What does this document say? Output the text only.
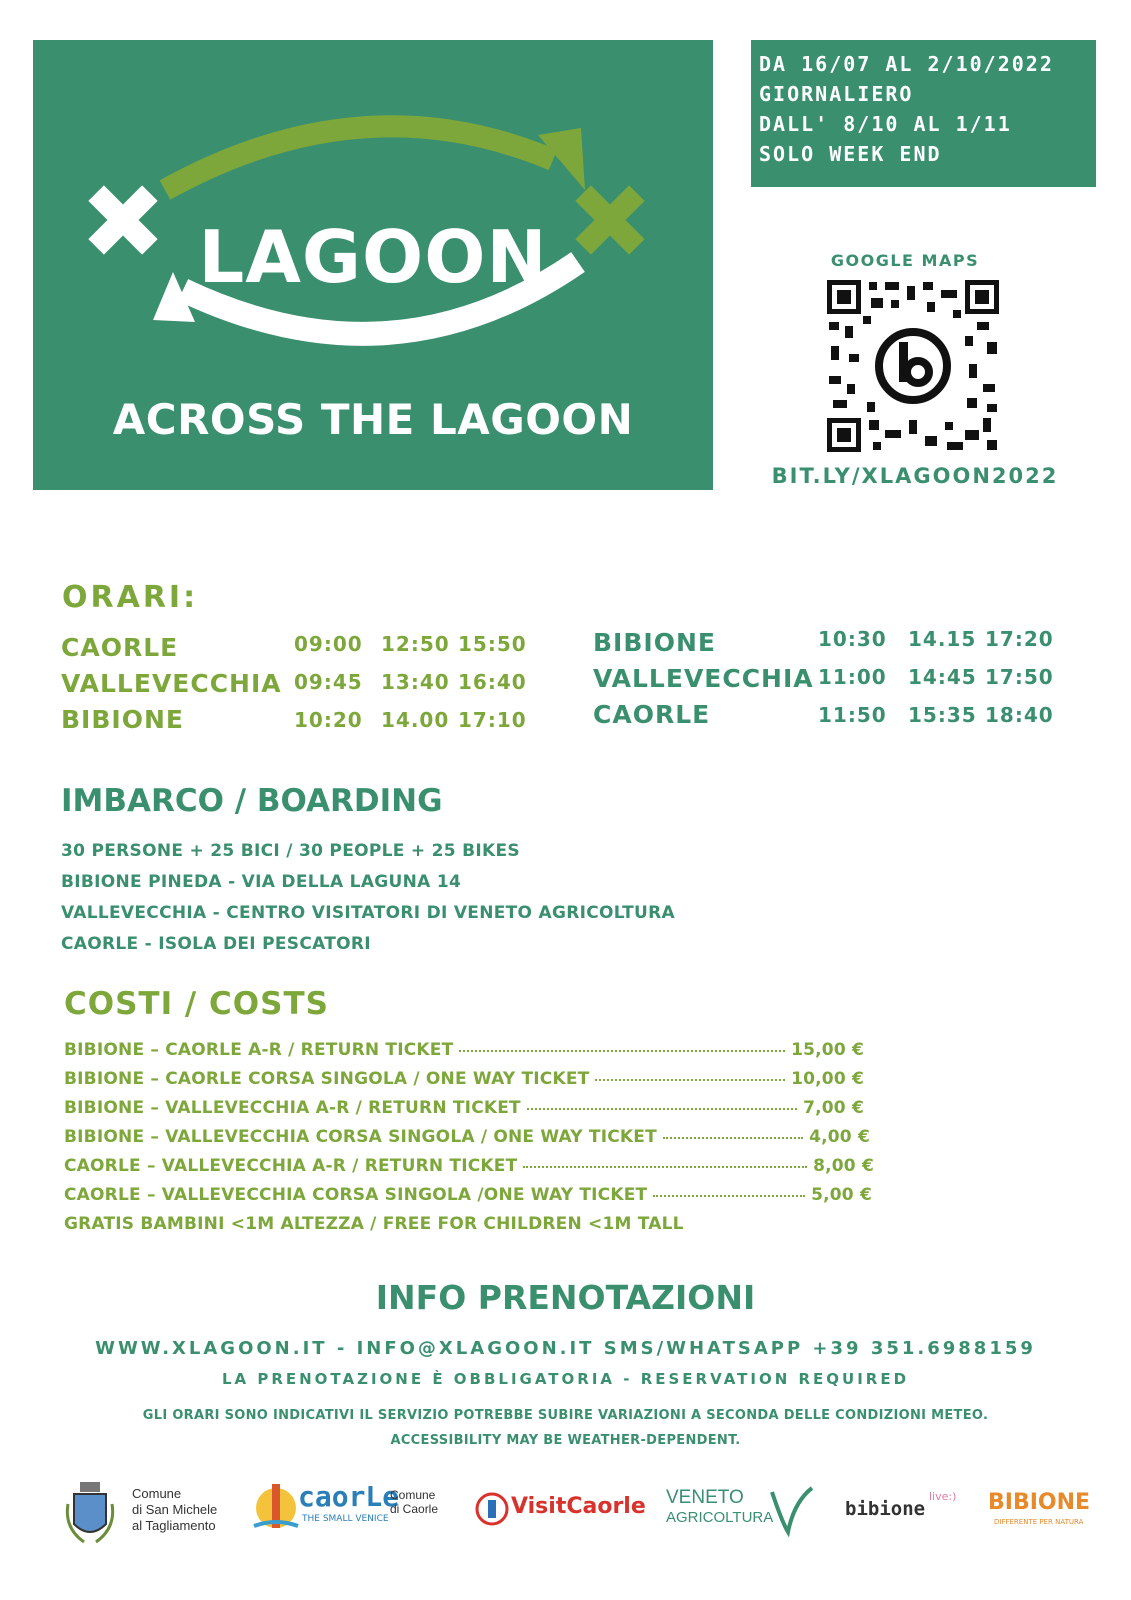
LAGOON
ACROSS THE LAGOON
DA 16/07 AL 2/10/2022
GIORNALIERO
DALL' 8/10 AL 1/11
SOLO WEEK END
GOOGLE MAPS
BIT.LY/XLAGOON2022
ORARI:
CAORLE	09:00 12:50 15:50
VALLEVECCHIA 09:45 13:40 16:40
BIBIONE	10:20 14.00 17:10
BIBIONE	10:30 14.15 17:20
VALLEVECCHIA 11:00 14:45 17:50
CAORLE	11:50 15:35 18:40
IMBARCO / BOARDING
30 PERSONE + 25 BICI / 30 PEOPLE + 25 BIKES
BIBIONE PINEDA - VIA DELLA LAGUNA 14
VALLEVECCHIA - CENTRO VISITATORI DI VENETO AGRICOLTURA
CAORLE - ISOLA DEI PESCATORI
COSTI / COSTS
BIBIONE – CAORLE A-R / RETURN TICKET	15,00 €
BIBIONE – CAORLE CORSA SINGOLA / ONE WAY TICKET	10,00 €
BIBIONE – VALLEVECCHIA A-R / RETURN TICKET	7,00 €
BIBIONE – VALLEVECCHIA CORSA SINGOLA / ONE WAY TICKET	4,00 €
CAORLE – VALLEVECCHIA A-R / RETURN TICKET	8,00 €
CAORLE – VALLEVECCHIA CORSA SINGOLA /ONE WAY TICKET	5,00 €
GRATIS BAMBINI <1M ALTEZZA / FREE FOR CHILDREN <1M TALL
INFO PRENOTAZIONI
WWW.XLAGOON.IT - INFO@XLAGOON.IT SMS/WHATSAPP +39 351.6988159
LA PRENOTAZIONE È OBBLIGATORIA - RESERVATION REQUIRED
GLI ORARI SONO INDICATIVI IL SERVIZIO POTREBBE SUBIRE VARIAZIONI A SECONDA DELLE CONDIZIONI METEO.
ACCESSIBILITY MAY BE WEATHER-DEPENDENT.
Comune
di San Michele
al Tagliamento
caorLe
THE SMALL VENICE
Comune
di Caorle	VisitCaorle VENETO
AGRICOLTURA	bibione
live:) BIBIONE
DIFFERENTE PER NATURA
